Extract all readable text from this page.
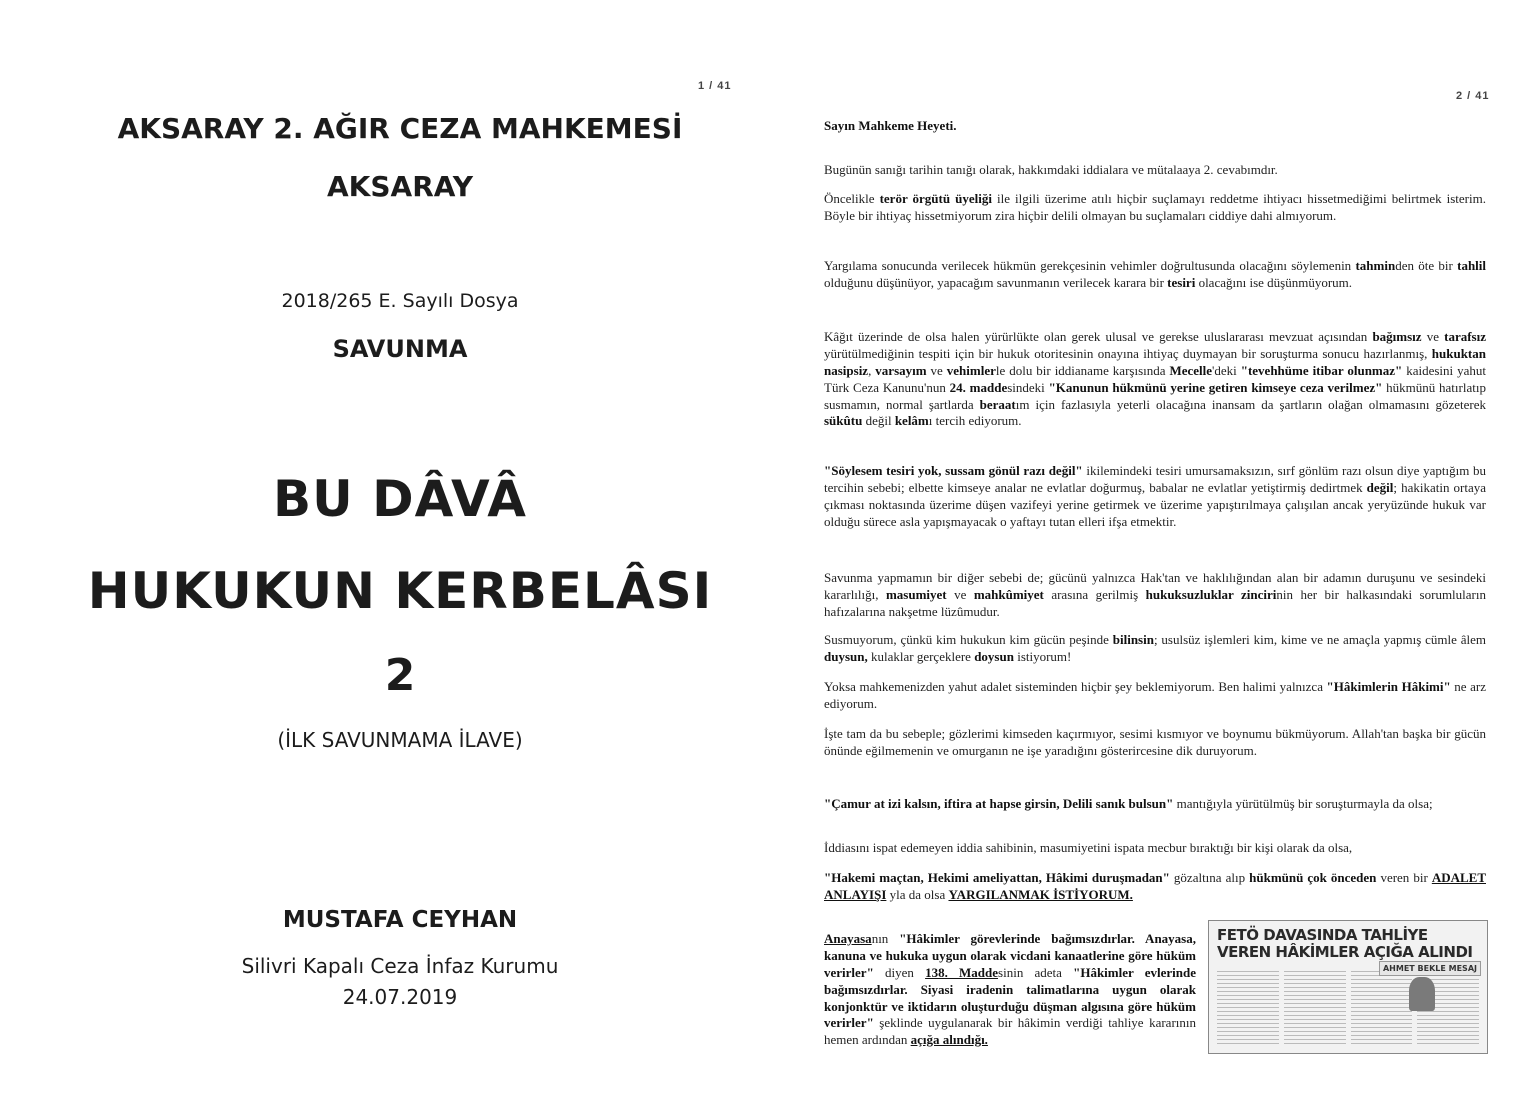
1 / 41
AKSARAY 2. AĞIR CEZA MAHKEMESİ
AKSARAY
2018/265 E. Sayılı Dosya
SAVUNMA
BU DÂVÂ
HUKUKUN KERBELÂSI
2
(İLK SAVUNMAMA İLAVE)
MUSTAFA CEYHAN
Silivri Kapalı Ceza İnfaz Kurumu
24.07.2019
2 / 41
Sayın Mahkeme Heyeti.

Bugünün sanığı tarihin tanığı olarak, hakkımdaki iddialara ve mütalaaya 2. cevabımdır.

Öncelikle terör örgütü üyeliği ile ilgili üzerime atılı hiçbir suçlamayı reddetme ihtiyacı hissetmediğimi belirtmek isterim. Böyle bir ihtiyaç hissetmiyorum zira hiçbir delili olmayan bu suçlamaları ciddiye dahi almıyorum.

Yargılama sonucunda verilecek hükmün gerekçesinin vehimler doğrultusunda olacağını söylemenin tahminden öte bir tahlil olduğunu düşünüyor, yapacağım savunmanın verilecek karara bir tesiri olacağını ise düşünmüyorum.

Kâğıt üzerinde de olsa halen yürürlükte olan gerek ulusal ve gerekse uluslararası mevzuat açısından bağımsız ve tarafsız yürütülmediğinin tespiti için bir hukuk otoritesinin onayına ihtiyaç duymayan bir soruşturma sonucu hazırlanmış, hukuktan nasipsiz, varsayım ve vehimlerle dolu bir iddianame karşısında Mecelle'deki "tevehhüme itibar olunmaz" kaidesini yahut Türk Ceza Kanunu'nun 24. maddesindeki "Kanunun hükmünü yerine getiren kimseye ceza verilmez" hükmünü hatırlatıp susmamın, normal şartlarda beraatım için fazlasıyla yeterli olacağına inansam da şartların olağan olmamasını gözeterek sükûtu değil kelâmı tercih ediyorum.

"Söylesem tesiri yok, sussam gönül razı değil" ikilemindeki tesiri umursamaksızın, sırf gönlüm razı olsun diye yaptığım bu tercihin sebebi; elbette kimseye analar ne evlatlar doğurmuş, babalar ne evlatlar yetiştirmiş dedirtmek değil; hakikatin ortaya çıkması noktasında üzerime düşen vazifeyi yerine getirmek ve üzerime yapıştırılmaya çalışılan ancak yeryüzünde hukuk var olduğu sürece asla yapışmayacak o yaftayı tutan elleri ifşa etmektir.

Savunma yapmamın bir diğer sebebi de; gücünü yalnızca Hak'tan ve haklılığından alan bir adamın duruşunu ve sesindeki kararlılığı, masumiyet ve mahkûmiyet arasına gerilmiş hukuksuzluklar zincirinin her bir halkasındaki sorumluların hafızalarına nakşetme lüzûmudur.

Susmuyorum, çünkü kim hukukun kim gücün peşinde bilinsin; usulsüz işlemleri kim, kime ve ne amaçla yapmış cümle âlem duysun, kulaklar gerçeklere doysun istiyorum!

Yoksa mahkemenizden yahut adalet sisteminden hiçbir şey beklemiyorum. Ben halimi yalnızca "Hâkimlerin Hâkimi" ne arz ediyorum.

İşte tam da bu sebeple; gözlerimi kimseden kaçırmıyor, sesimi kısmıyor ve boynumu bükmüyorum. Allah'tan başka bir gücün önünde eğilmemenin ve omurganın ne işe yaradığını gösterircesine dik duruyorum.

"Çamur at izi kalsın, iftira at hapse girsin, Delili sanık bulsun" mantığıyla yürütülmüş bir soruşturmayla da olsa;

İddiasını ispat edemeyen iddia sahibinin, masumiyetini ispata mecbur bıraktığı bir kişi olarak da olsa,

"Hakemi maçtan, Hekimi ameliyattan, Hâkimi duruşmadan" gözaltına alıp hükmünü çok önceden veren bir ADALET ANLAYIŞI yla da olsa YARGILANMAK İSTİYORUM.

Anayasanın "Hâkimler görevlerinde bağımsızdırlar. Anayasa, kanuna ve hukuka uygun olarak vicdani kanaatlerine göre hüküm verirler" diyen 138. Maddesinin adeta "Hâkimler evlerinde bağımsızdırlar. Siyasi iradenin talimatlarına uygun olarak konjonktür ve iktidarın oluşturduğu düşman algısına göre hüküm verirler" şeklinde uygulanarak bir hâkimin verdiği tahliye kararının hemen ardından açığa alındığı.

FETÖ DAVASINDA TAHLİYE VEREN HÂKİMLER AÇIĞA ALINDI
AHMET BEKLE MESAJ
